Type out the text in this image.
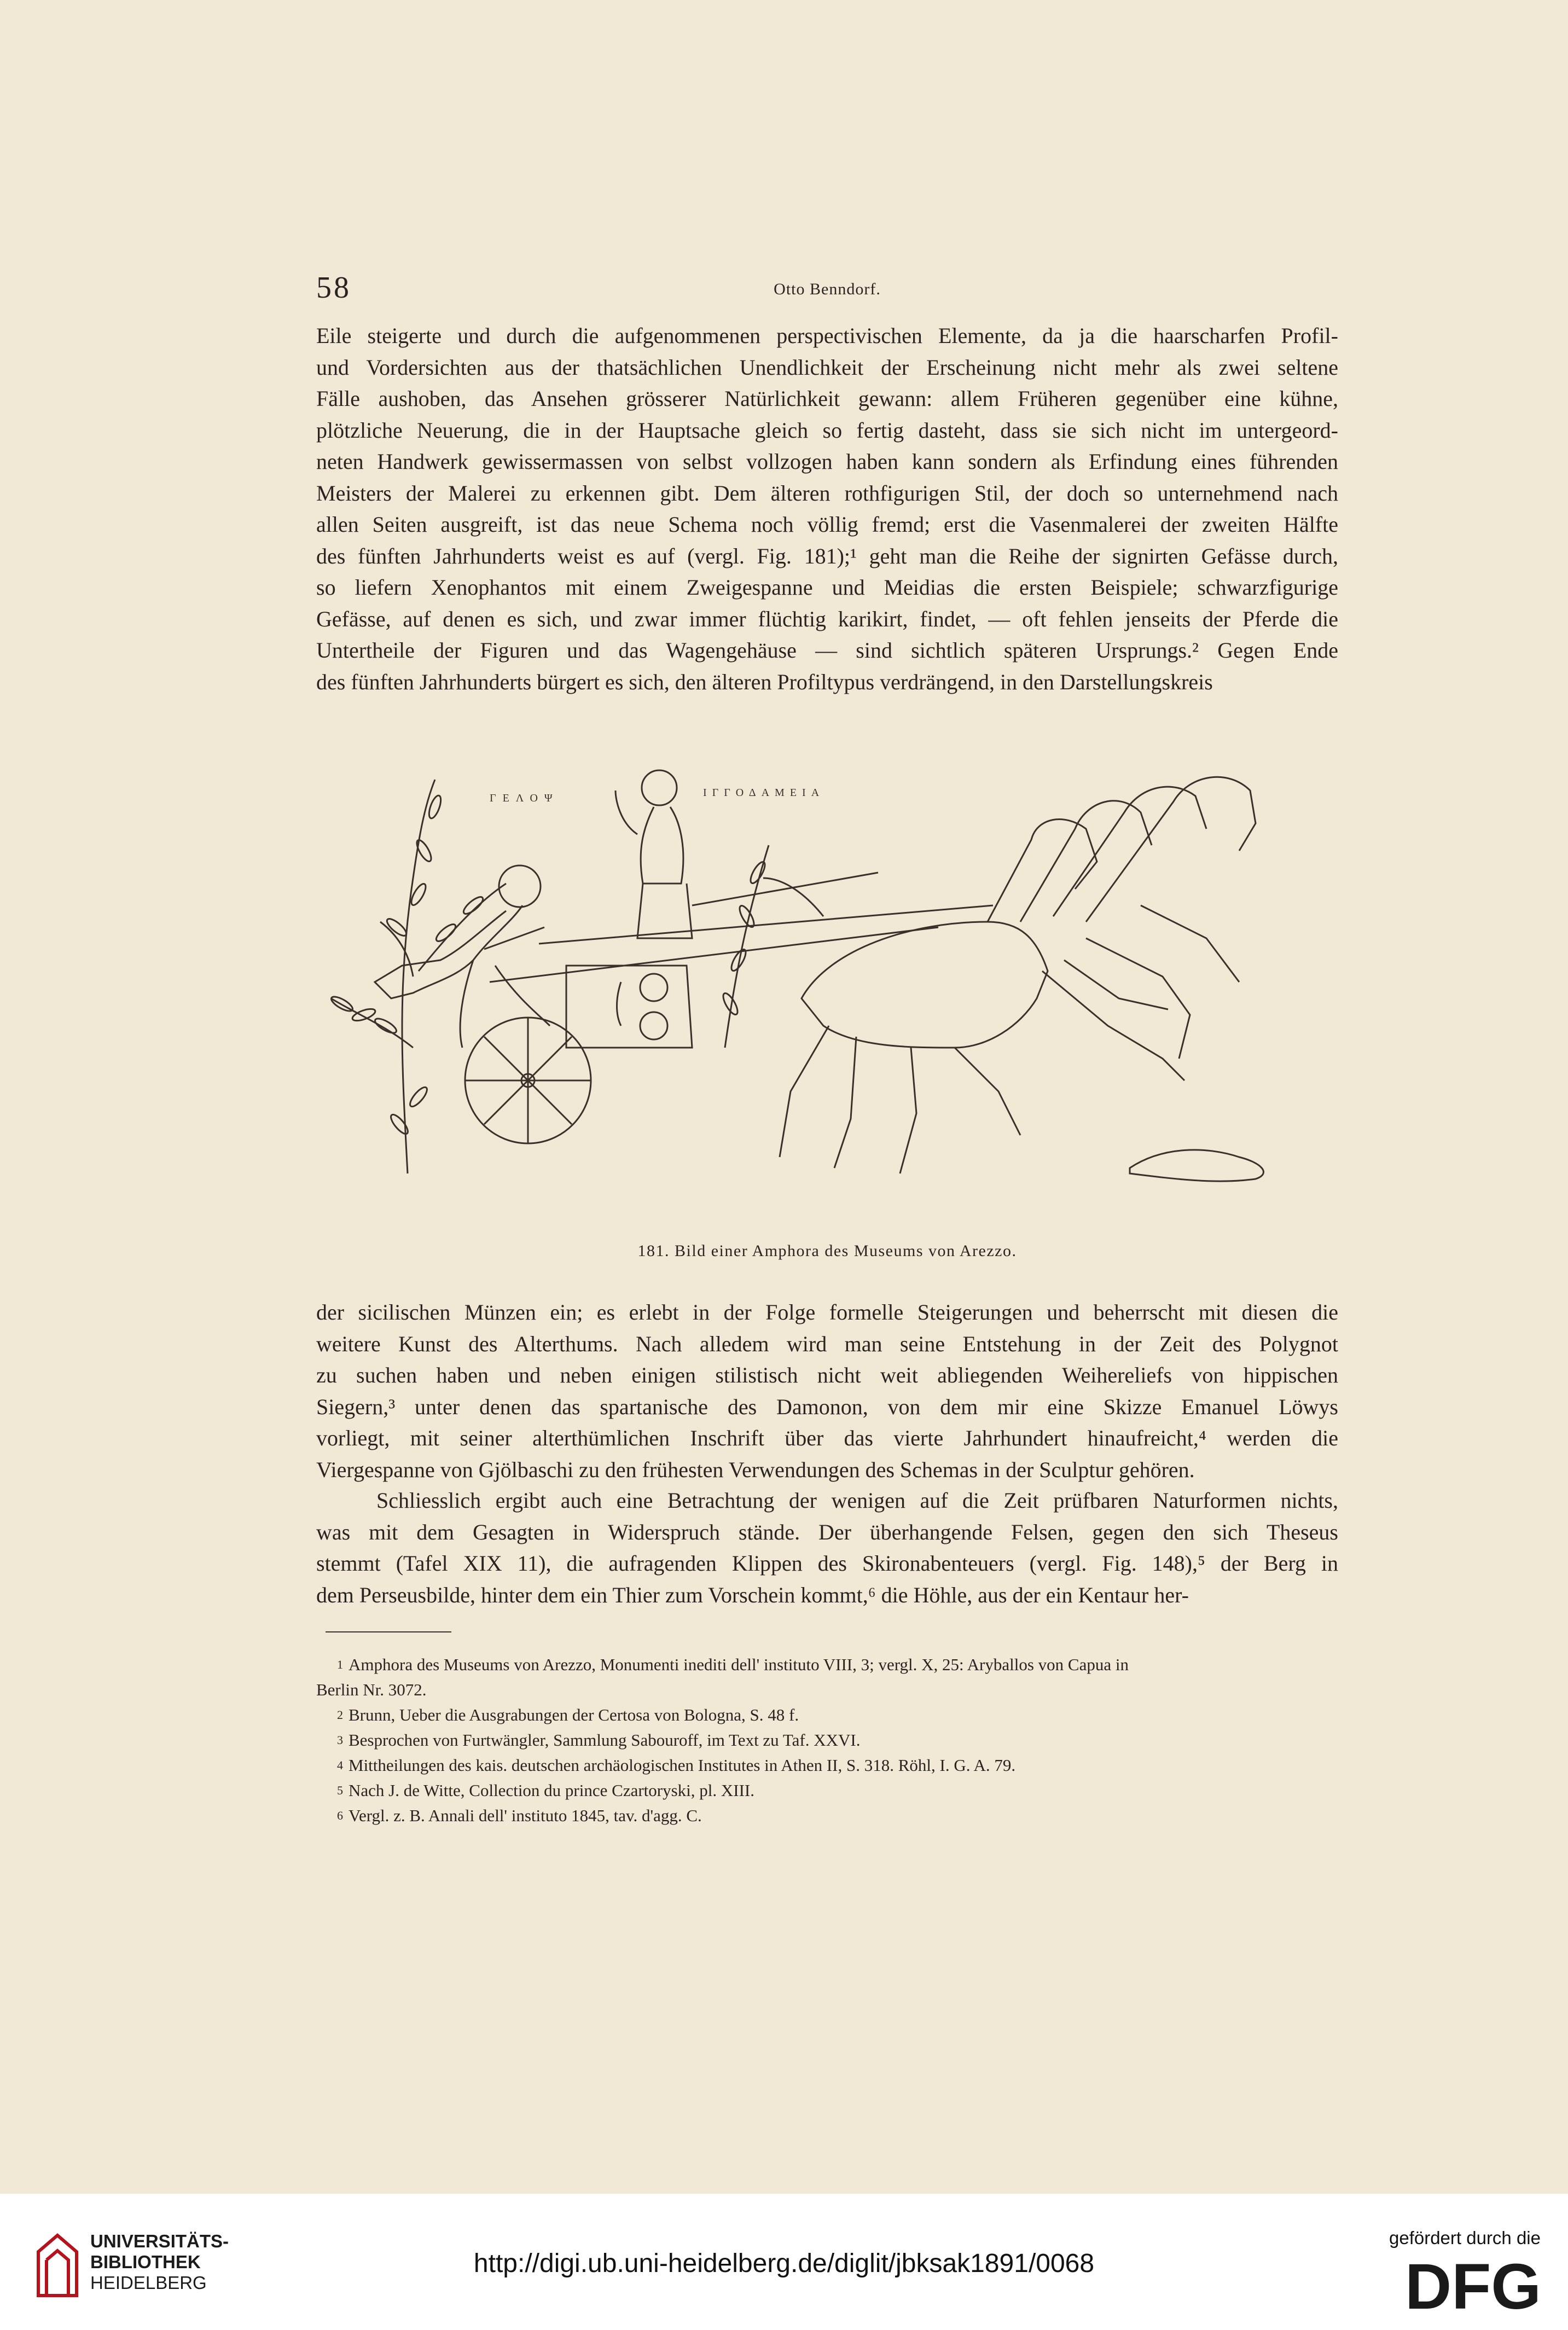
58	Otto Benndorf.
Eile steigerte und durch die aufgenommenen perspectivischen Elemente, da ja die haarscharfen Profil-
und Vordersichten aus der thatsächlichen Unendlichkeit der Erscheinung nicht mehr als zwei seltene
Fälle aushoben, das Ansehen grösserer Natürlichkeit gewann: allem Früheren gegenüber eine kühne,
plötzliche Neuerung, die in der Hauptsache gleich so fertig dasteht, dass sie sich nicht im untergeord-
neten Handwerk gewissermassen von selbst vollzogen haben kann sondern als Erfindung eines führenden
Meisters der Malerei zu erkennen gibt. Dem älteren rothfigurigen Stil, der doch so unternehmend nach
allen Seiten ausgreift, ist das neue Schema noch völlig fremd; erst die Vasenmalerei der zweiten Hälfte
des fünften Jahrhunderts weist es auf (vergl. Fig. 181);¹ geht man die Reihe der signirten Gefässe durch,
so liefern Xenophantos mit einem Zweigespanne und Meidias die ersten Beispiele; schwarzfigurige
Gefässe, auf denen es sich, und zwar immer flüchtig karikirt, findet, — oft fehlen jenseits der Pferde die
Untertheile der Figuren und das Wagengehäuse — sind sichtlich späteren Ursprungs.² Gegen Ende
des fünften Jahrhunderts bürgert es sich, den älteren Profiltypus verdrängend, in den Darstellungskreis
ΓΕΛΟΨ	ΙΓΓΟΔΑΜΕΙΑ
181. Bild einer Amphora des Museums von Arezzo.
der sicilischen Münzen ein; es erlebt in der Folge formelle Steigerungen und beherrscht mit diesen die
weitere Kunst des Alterthums. Nach alledem wird man seine Entstehung in der Zeit des Polygnot
zu suchen haben und neben einigen stilistisch nicht weit abliegenden Weihereliefs von hippischen
Siegern,³ unter denen das spartanische des Damonon, von dem mir eine Skizze Emanuel Löwys
vorliegt, mit seiner alterthümlichen Inschrift über das vierte Jahrhundert hinaufreicht,⁴ werden die
Viergespanne von Gjölbaschi zu den frühesten Verwendungen des Schemas in der Sculptur gehören.
Schliesslich ergibt auch eine Betrachtung der wenigen auf die Zeit prüfbaren Naturformen nichts,
was mit dem Gesagten in Widerspruch stände. Der überhangende Felsen, gegen den sich Theseus
stemmt (Tafel XIX 11), die aufragenden Klippen des Skironabenteuers (vergl. Fig. 148),⁵ der Berg in
dem Perseusbilde, hinter dem ein Thier zum Vorschein kommt,⁶ die Höhle, aus der ein Kentaur her-
1 Amphora des Museums von Arezzo, Monumenti inediti dell' instituto VIII, 3; vergl. X, 25: Aryballos von Capua in
Berlin Nr. 3072.
2 Brunn, Ueber die Ausgrabungen der Certosa von Bologna, S. 48 f.
3 Besprochen von Furtwängler, Sammlung Sabouroff, im Text zu Taf. XXVI.
4 Mittheilungen des kais. deutschen archäologischen Institutes in Athen II, S. 318. Röhl, I. G. A. 79.
5 Nach J. de Witte, Collection du prince Czartoryski, pl. XIII.
6 Vergl. z. B. Annali dell' instituto 1845, tav. d'agg. C.
UNIVERSITÄTS-
BIBLIOTHEK
HEIDELBERG
http://digi.ub.uni-heidelberg.de/diglit/jbksak1891/0068
gefördert durch die
DFG
